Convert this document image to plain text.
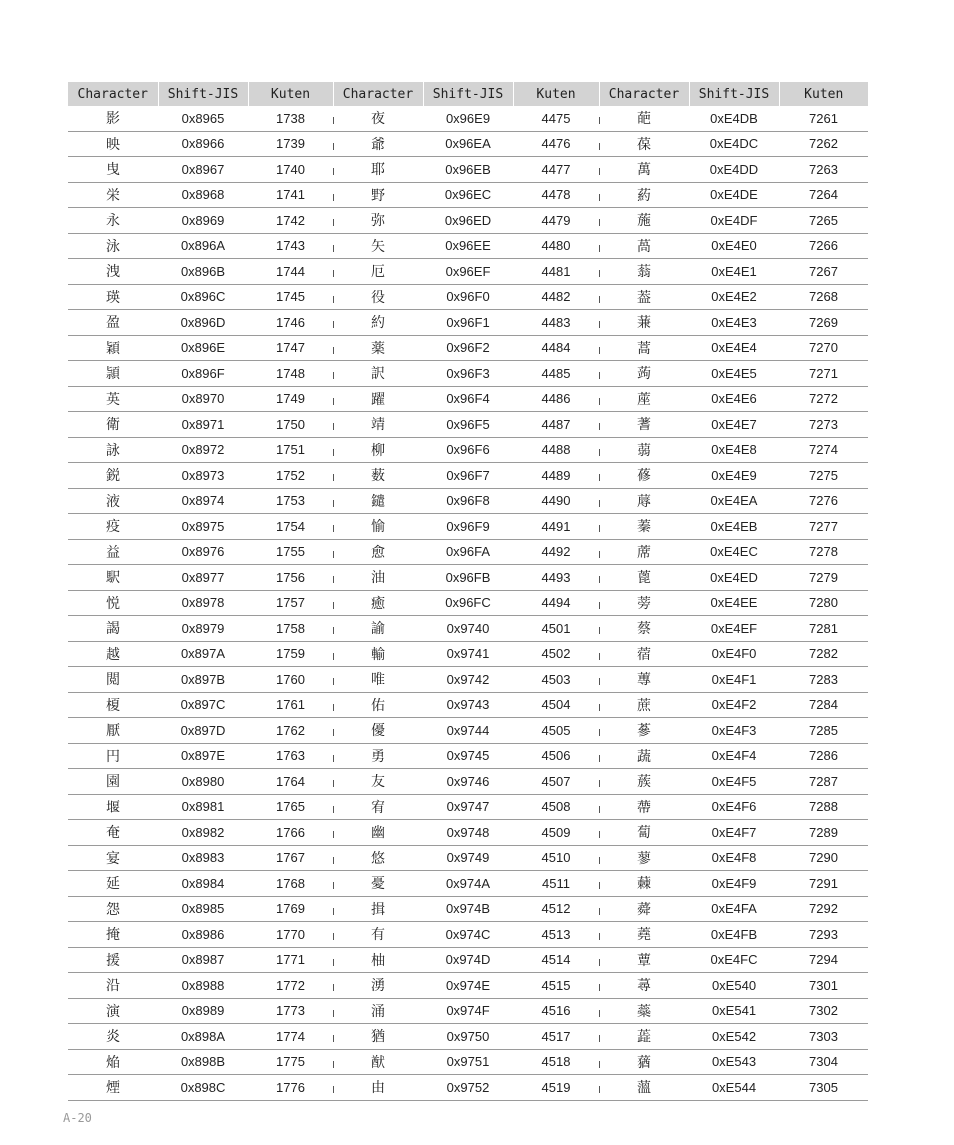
Character	Shift-JIS	Kuten	Character	Shift-JIS	Kuten	Character	Shift-JIS	Kuten
影	0x8965	1738	夜	0x96E9	4475	葩	0xE4DB	7261
映	0x8966	1739	爺	0x96EA	4476	葆	0xE4DC	7262
曳	0x8967	1740	耶	0x96EB	4477	萬	0xE4DD	7263
栄	0x8968	1741	野	0x96EC	4478	葯	0xE4DE	7264
永	0x8969	1742	弥	0x96ED	4479	葹	0xE4DF	7265
泳	0x896A	1743	矢	0x96EE	4480	萵	0xE4E0	7266
洩	0x896B	1744	厄	0x96EF	4481	蓊	0xE4E1	7267
瑛	0x896C	1745	役	0x96F0	4482	葢	0xE4E2	7268
盈	0x896D	1746	約	0x96F1	4483	蒹	0xE4E3	7269
穎	0x896E	1747	薬	0x96F2	4484	蒿	0xE4E4	7270
頴	0x896F	1748	訳	0x96F3	4485	蒟	0xE4E5	7271
英	0x8970	1749	躍	0x96F4	4486	蓙	0xE4E6	7272
衛	0x8971	1750	靖	0x96F5	4487	蓍	0xE4E7	7273
詠	0x8972	1751	柳	0x96F6	4488	蒻	0xE4E8	7274
鋭	0x8973	1752	薮	0x96F7	4489	蓚	0xE4E9	7275
液	0x8974	1753	鑓	0x96F8	4490	蓐	0xE4EA	7276
疫	0x8975	1754	愉	0x96F9	4491	蓁	0xE4EB	7277
益	0x8976	1755	愈	0x96FA	4492	蓆	0xE4EC	7278
駅	0x8977	1756	油	0x96FB	4493	蓖	0xE4ED	7279
悦	0x8978	1757	癒	0x96FC	4494	蒡	0xE4EE	7280
謁	0x8979	1758	諭	0x9740	4501	蔡	0xE4EF	7281
越	0x897A	1759	輸	0x9741	4502	蓿	0xE4F0	7282
閲	0x897B	1760	唯	0x9742	4503	蓴	0xE4F1	7283
榎	0x897C	1761	佑	0x9743	4504	蔗	0xE4F2	7284
厭	0x897D	1762	優	0x9744	4505	蔘	0xE4F3	7285
円	0x897E	1763	勇	0x9745	4506	蔬	0xE4F4	7286
園	0x8980	1764	友	0x9746	4507	蔟	0xE4F5	7287
堰	0x8981	1765	宥	0x9747	4508	蔕	0xE4F6	7288
奄	0x8982	1766	幽	0x9748	4509	蔔	0xE4F7	7289
宴	0x8983	1767	悠	0x9749	4510	蓼	0xE4F8	7290
延	0x8984	1768	憂	0x974A	4511	蕀	0xE4F9	7291
怨	0x8985	1769	揖	0x974B	4512	蕣	0xE4FA	7292
掩	0x8986	1770	有	0x974C	4513	蕘	0xE4FB	7293
援	0x8987	1771	柚	0x974D	4514	蕈	0xE4FC	7294
沿	0x8988	1772	湧	0x974E	4515	蕁	0xE540	7301
演	0x8989	1773	涌	0x974F	4516	蘂	0xE541	7302
炎	0x898A	1774	猶	0x9750	4517	蕋	0xE542	7303
焔	0x898B	1775	猷	0x9751	4518	蕕	0xE543	7304
煙	0x898C	1776	由	0x9752	4519	薀	0xE544	7305
A-20
